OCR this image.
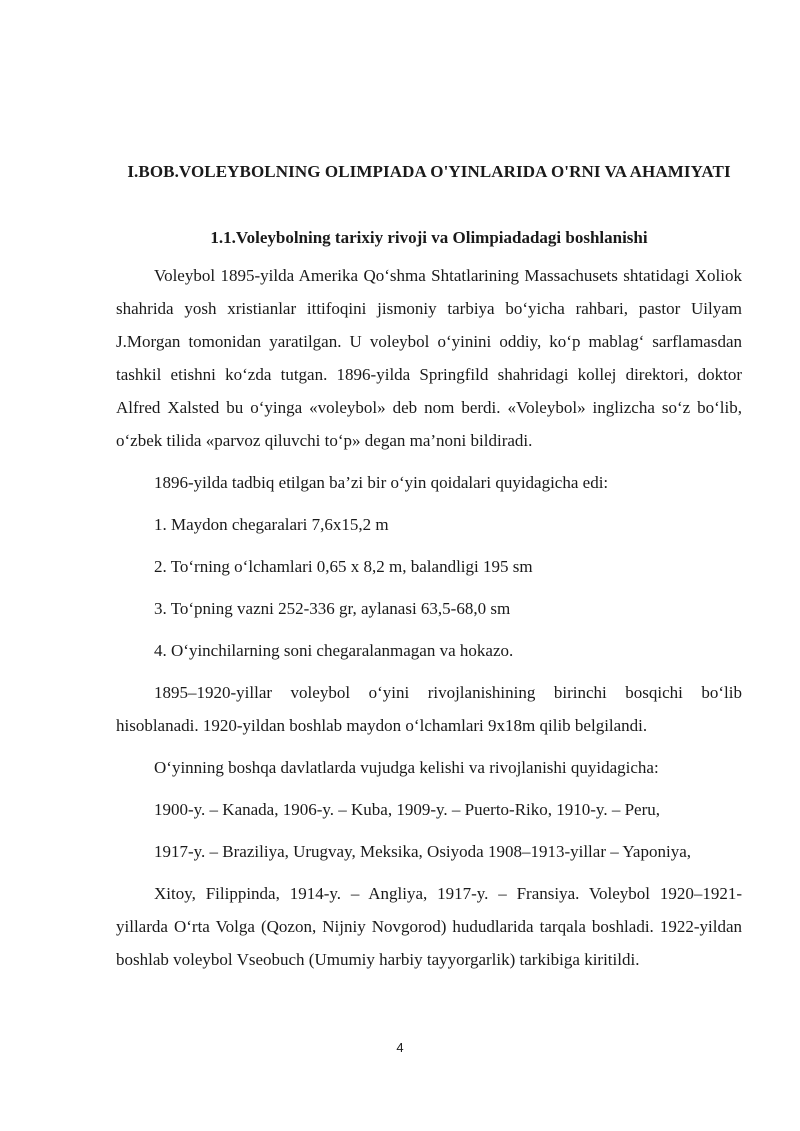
I.BOB.VOLEYBOLNING OLIMPIADA O'YINLARIDA O'RNI VA AHAMIYATI
1.1.Voleybolning tarixiy rivoji va Olimpiadadagi boshlanishi

Voleybol 1895-yilda Amerika Qo‘shma Shtatlarining Massachusets shtatidagi Xoliok shahrida yosh xristianlar ittifoqini jismoniy tarbiya bo‘yicha rahbari, pastor Uilyam J.Morgan tomonidan yaratilgan. U voleybol o‘yinini oddiy, ko‘p mablag‘ sarflamasdan tashkil etishni ko‘zda tutgan. 1896-yilda Springfild shahridagi kollej direktori, doktor Alfred Xalsted bu o‘yinga «voleybol» deb nom berdi. «Voleybol» inglizcha so‘z bo‘lib, o‘zbek tilida «parvoz qiluvchi to‘p» degan ma’noni bildiradi.

1896-yilda tadbiq etilgan ba’zi bir o‘yin qoidalari quyidagicha edi:

1. Maydon chegaralari 7,6x15,2 m

2. To‘rning o‘lchamlari 0,65 x 8,2 m, balandligi 195 sm

3. To‘pning vazni 252-336 gr, aylanasi 63,5-68,0 sm

4. O‘yinchilarning soni chegaralanmagan va hokazo.

1895–1920-yillar voleybol o‘yini rivojlanishining birinchi bosqichi bo‘lib hisoblanadi. 1920-yildan boshlab maydon o‘lchamlari 9x18m qilib belgilandi.

O‘yinning boshqa davlatlarda vujudga kelishi va rivojlanishi quyidagicha:

1900-y. – Kanada, 1906-y. – Kuba, 1909-y. – Puerto-Riko, 1910-y. – Peru,

1917-y. – Braziliya, Urugvay, Meksika, Osiyoda 1908–1913-yillar – Yaponiya,

Xitoy, Filippinda, 1914-y. – Angliya, 1917-y. – Fransiya. Voleybol 1920–1921-yillarda O‘rta Volga (Qozon, Nijniy Novgorod) hududlarida tarqala boshladi. 1922-yildan boshlab voleybol Vseobuch (Umumiy harbiy tayyorgarlik) tarkibiga kiritildi.

4
